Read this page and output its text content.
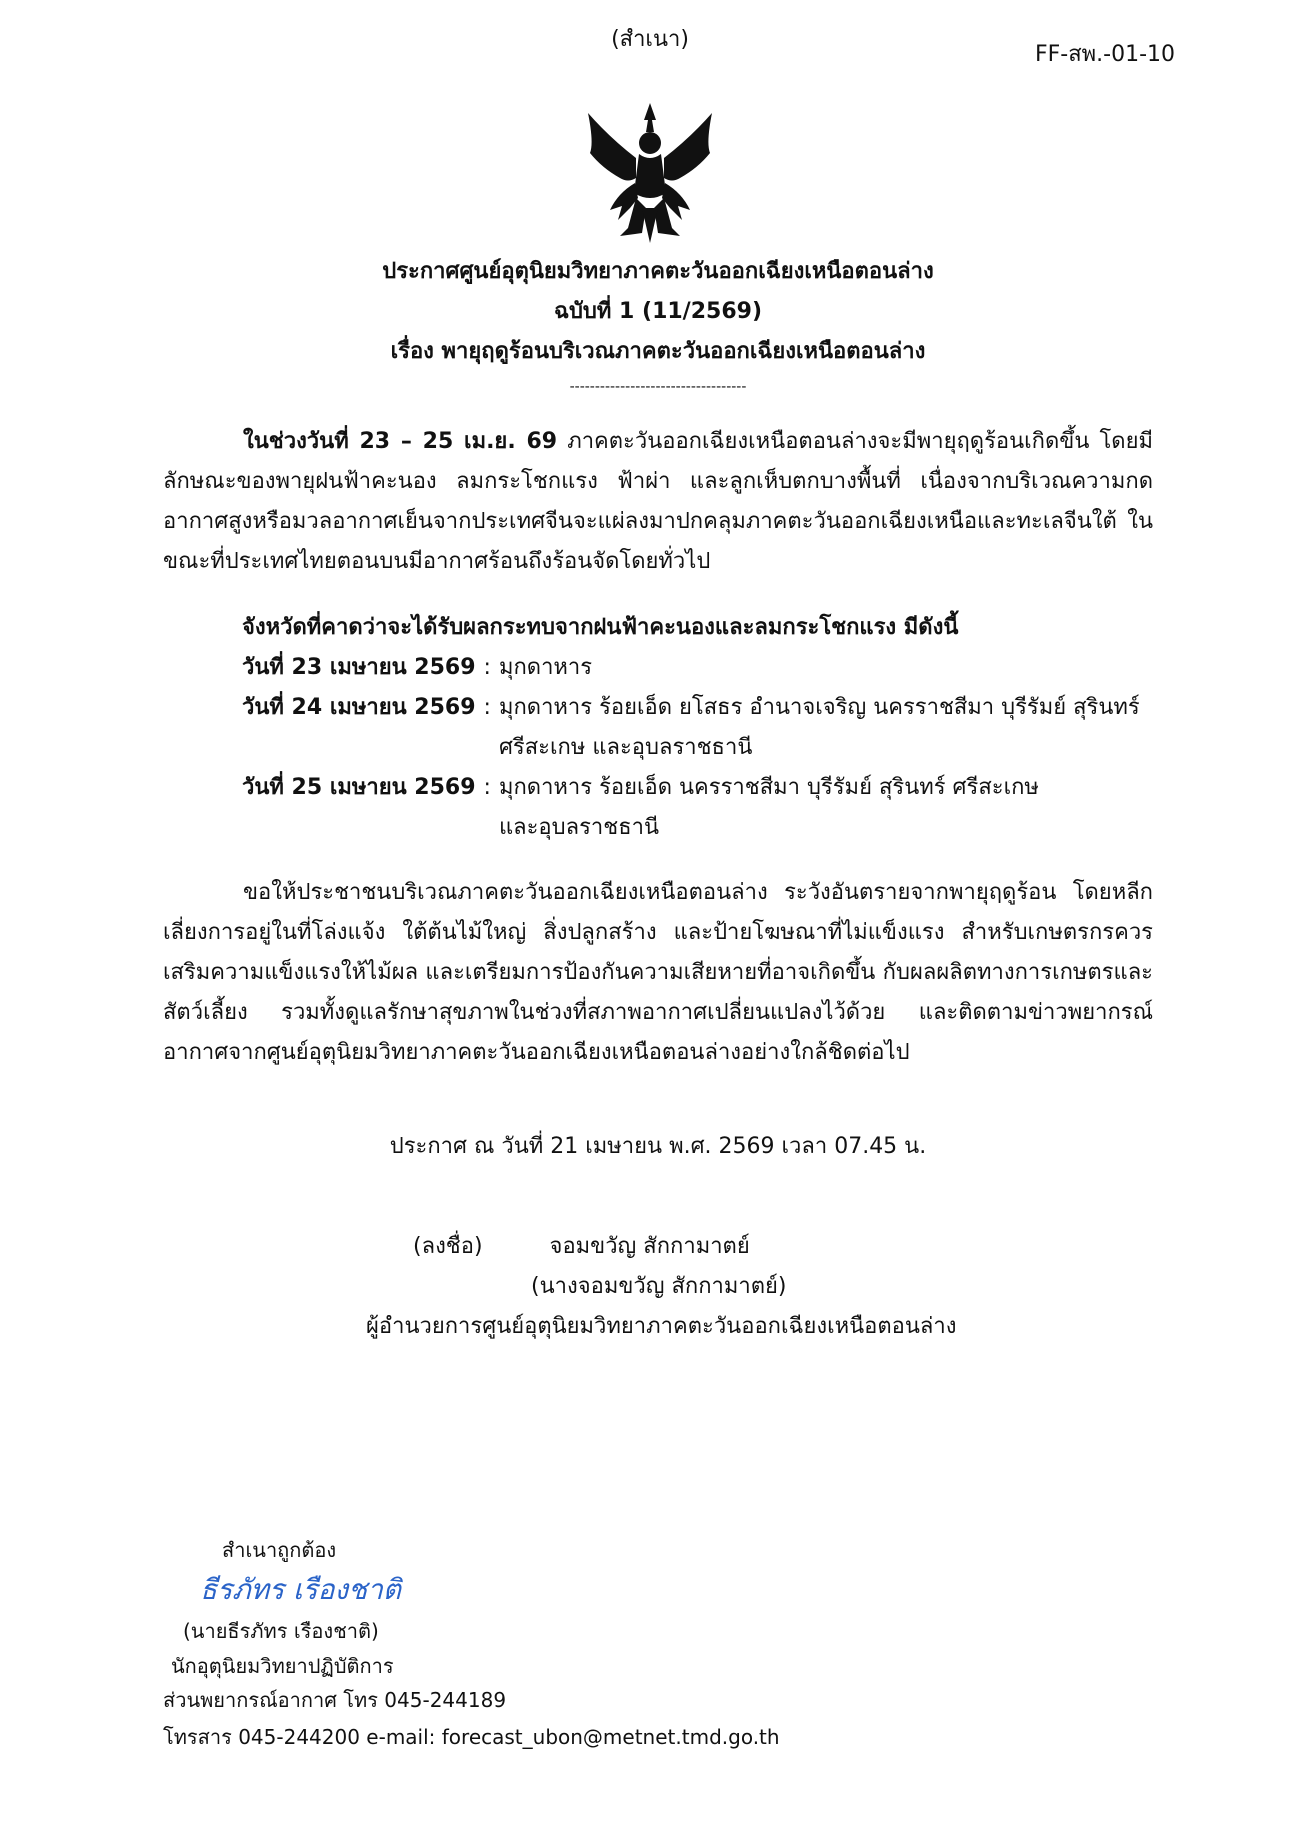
(สำเนา)
FF-สพ.-01-10
ประกาศศูนย์อุตุนิยมวิทยาภาคตะวันออกเฉียงเหนือตอนล่าง
ฉบับที่ 1 (11/2569)
เรื่อง พายุฤดูร้อนบริเวณภาคตะวันออกเฉียงเหนือตอนล่าง
-----------------------------------

ในช่วงวันที่ 23 – 25 เม.ย. 69 ภาคตะวันออกเฉียงเหนือตอนล่างจะมีพายุฤดูร้อนเกิดขึ้น โดยมีลักษณะของพายุฝนฟ้าคะนอง ลมกระโชกแรง ฟ้าผ่า และลูกเห็บตกบางพื้นที่ เนื่องจากบริเวณความกดอากาศสูงหรือมวลอากาศเย็นจากประเทศจีนจะแผ่ลงมาปกคลุมภาคตะวันออกเฉียงเหนือและทะเลจีนใต้ ในขณะที่ประเทศไทยตอนบนมีอากาศร้อนถึงร้อนจัดโดยทั่วไป

จังหวัดที่คาดว่าจะได้รับผลกระทบจากฝนฟ้าคะนองและลมกระโชกแรง มีดังนี้
วันที่ 23 เมษายน 2569 : มุกดาหาร
วันที่ 24 เมษายน 2569 : มุกดาหาร ร้อยเอ็ด ยโสธร อำนาจเจริญ นครราชสีมา บุรีรัมย์ สุรินทร์
ศรีสะเกษ และอุบลราชธานี
วันที่ 25 เมษายน 2569 : มุกดาหาร ร้อยเอ็ด นครราชสีมา บุรีรัมย์ สุรินทร์ ศรีสะเกษ
และอุบลราชธานี

ขอให้ประชาชนบริเวณภาคตะวันออกเฉียงเหนือตอนล่าง ระวังอันตรายจากพายุฤดูร้อน โดยหลีกเลี่ยงการอยู่ในที่โล่งแจ้ง ใต้ต้นไม้ใหญ่ สิ่งปลูกสร้าง และป้ายโฆษณาที่ไม่แข็งแรง สำหรับเกษตรกรควรเสริมความแข็งแรงให้ไม้ผล และเตรียมการป้องกันความเสียหายที่อาจเกิดขึ้น กับผลผลิตทางการเกษตรและสัตว์เลี้ยง รวมทั้งดูแลรักษาสุขภาพในช่วงที่สภาพอากาศเปลี่ยนแปลงไว้ด้วย และติดตามข่าวพยากรณ์อากาศจากศูนย์อุตุนิยมวิทยาภาคตะวันออกเฉียงเหนือตอนล่างอย่างใกล้ชิดต่อไป

ประกาศ ณ วันที่ 21 เมษายน พ.ศ. 2569 เวลา 07.45 น.
(ลงชื่อ)	จอมขวัญ สักกามาตย์
(นางจอมขวัญ สักกามาตย์)
ผู้อำนวยการศูนย์อุตุนิยมวิทยาภาคตะวันออกเฉียงเหนือตอนล่าง
สำเนาถูกต้อง
ธีรภัทร เรืองชาติ
(นายธีรภัทร เรืองชาติ)
นักอุตุนิยมวิทยาปฏิบัติการ
ส่วนพยากรณ์อากาศ โทร 045-244189
โทรสาร 045-244200 e-mail: forecast_ubon@metnet.tmd.go.th
